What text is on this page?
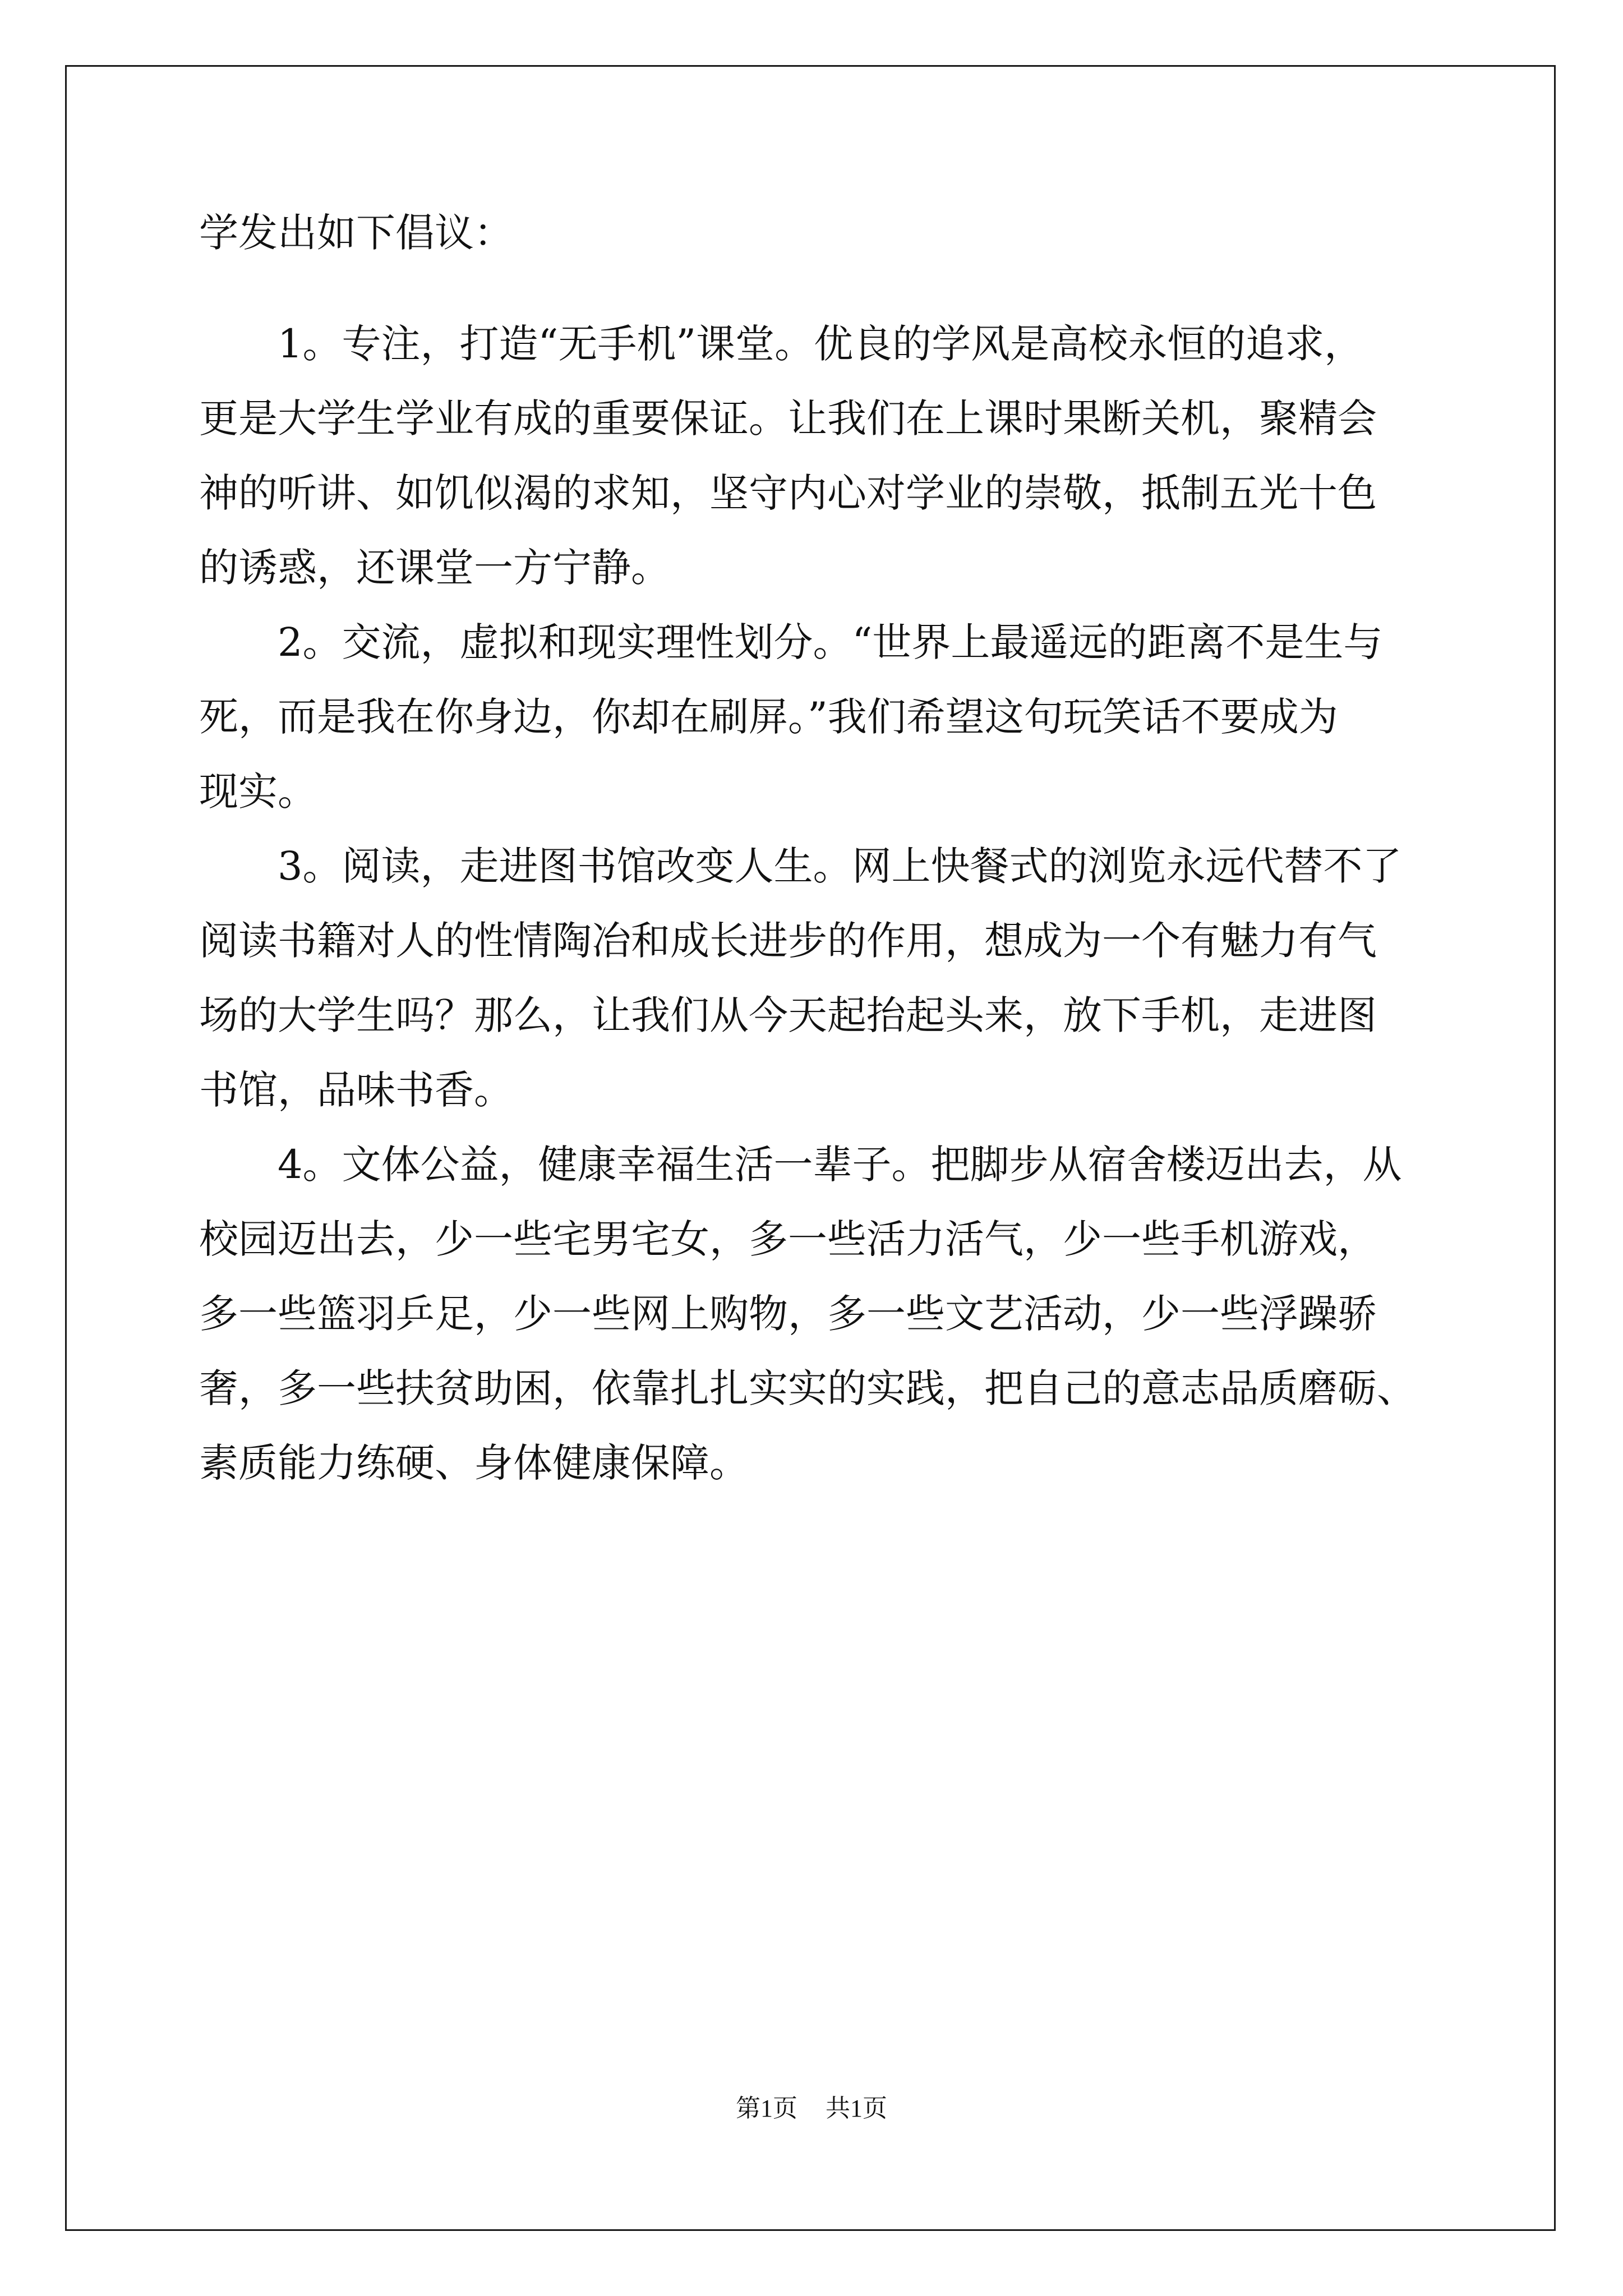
学发出如下倡议：
1。专注，打造“无手机”课堂。优良的学风是高校永恒的追求，
更是大学生学业有成的重要保证。让我们在上课时果断关机，聚精会
神的听讲、如饥似渴的求知，坚守内心对学业的崇敬，抵制五光十色
的诱惑，还课堂一方宁静。
2。交流，虚拟和现实理性划分。“世界上最遥远的距离不是生与
死，而是我在你身边，你却在刷屏。”我们希望这句玩笑话不要成为
现实。
3。阅读，走进图书馆改变人生。网上快餐式的浏览永远代替不了
阅读书籍对人的性情陶冶和成长进步的作用，想成为一个有魅力有气
场的大学生吗？那么，让我们从今天起抬起头来，放下手机，走进图
书馆，品味书香。
4。文体公益，健康幸福生活一辈子。把脚步从宿舍楼迈出去，从
校园迈出去，少一些宅男宅女，多一些活力活气，少一些手机游戏，
多一些篮羽乒足，少一些网上购物，多一些文艺活动，少一些浮躁骄
奢，多一些扶贫助困，依靠扎扎实实的实践，把自己的意志品质磨砺、
素质能力练硬、身体健康保障。
第1页 共1页
